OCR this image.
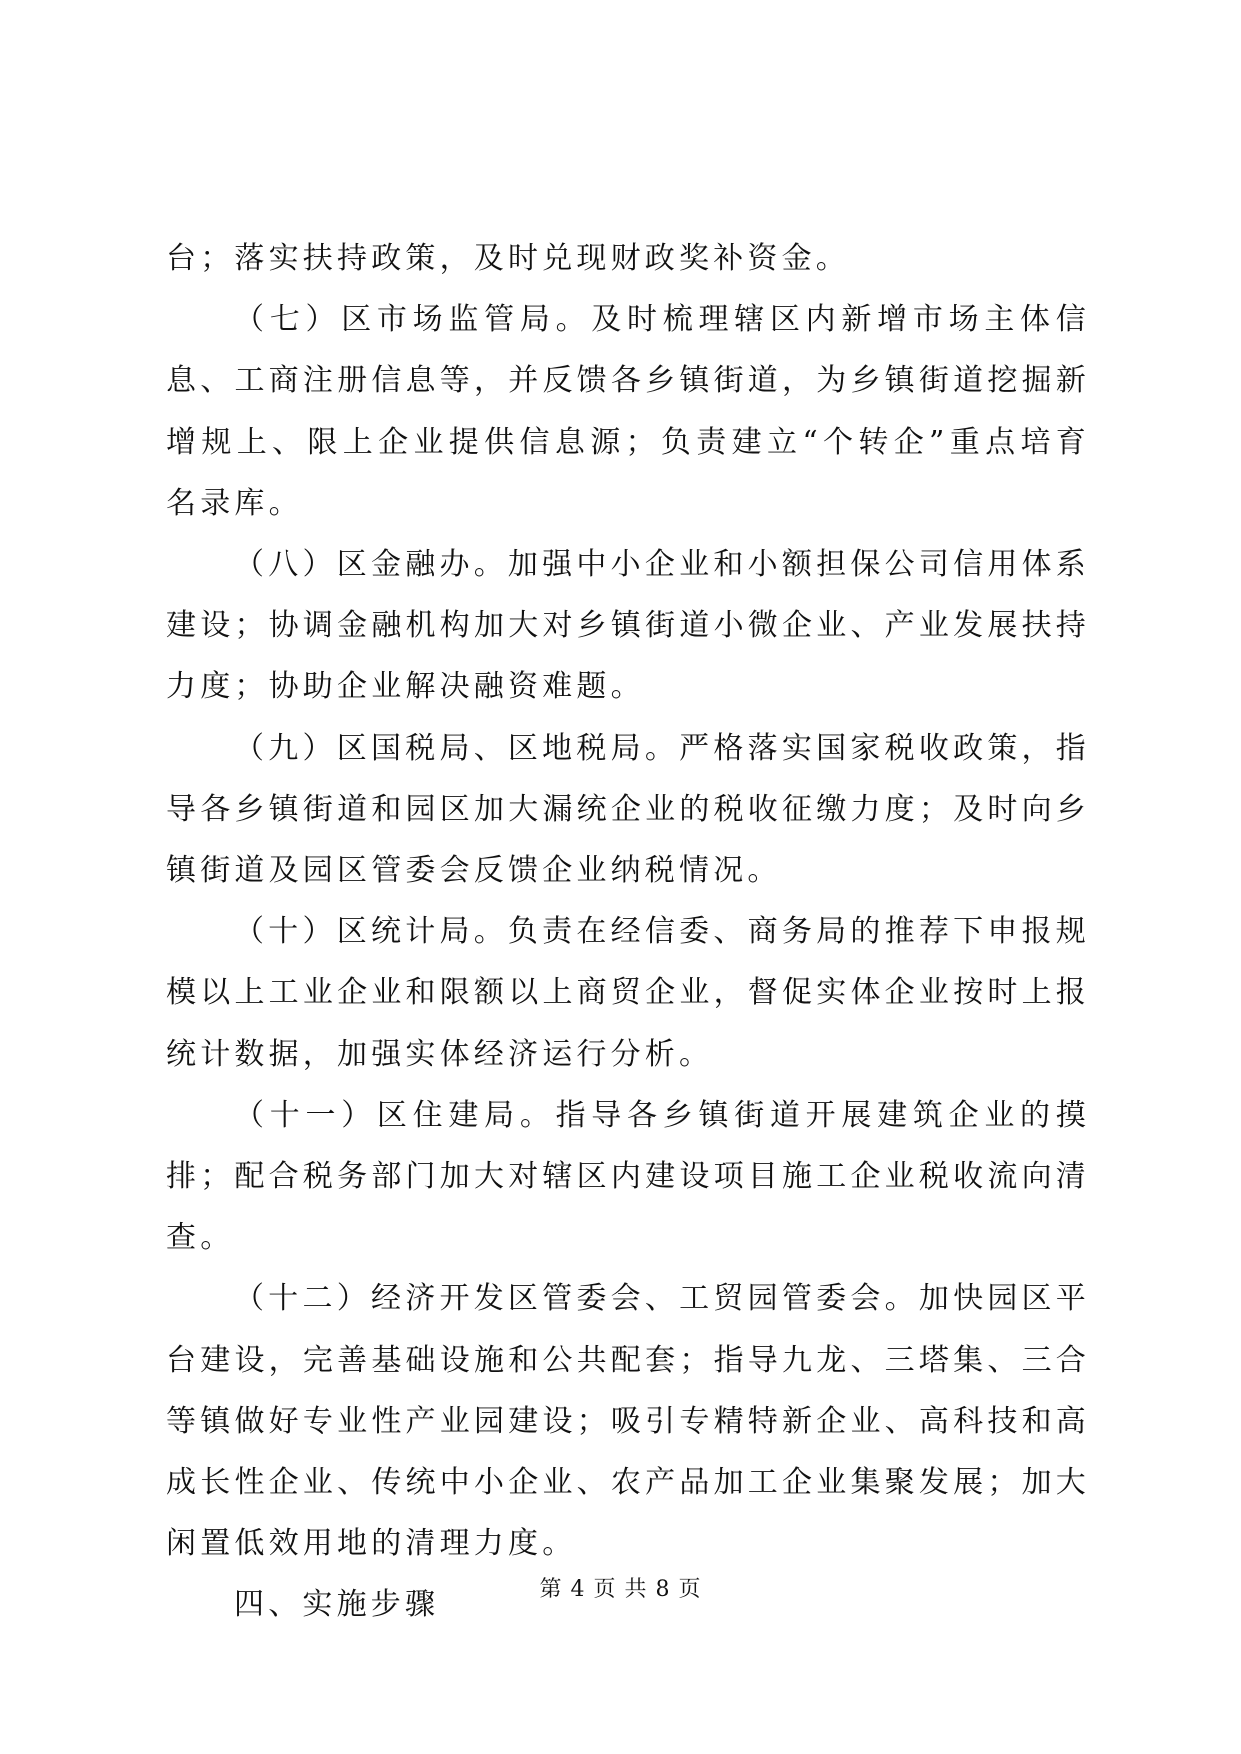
台；落实扶持政策，及时兑现财政奖补资金。

（七）区市场监管局。及时梳理辖区内新增市场主体信息、工商注册信息等，并反馈各乡镇街道，为乡镇街道挖掘新增规上、限上企业提供信息源；负责建立“个转企”重点培育名录库。

（八）区金融办。加强中小企业和小额担保公司信用体系建设；协调金融机构加大对乡镇街道小微企业、产业发展扶持力度；协助企业解决融资难题。

（九）区国税局、区地税局。严格落实国家税收政策，指导各乡镇街道和园区加大漏统企业的税收征缴力度；及时向乡镇街道及园区管委会反馈企业纳税情况。

（十）区统计局。负责在经信委、商务局的推荐下申报规模以上工业企业和限额以上商贸企业，督促实体企业按时上报统计数据，加强实体经济运行分析。

（十一）区住建局。指导各乡镇街道开展建筑企业的摸排；配合税务部门加大对辖区内建设项目施工企业税收流向清查。

（十二）经济开发区管委会、工贸园管委会。加快园区平台建设，完善基础设施和公共配套；指导九龙、三塔集、三合等镇做好专业性产业园建设；吸引专精特新企业、高科技和高成长性企业、传统中小企业、农产品加工企业集聚发展；加大闲置低效用地的清理力度。

四、实施步骤	第 4 页 共 8 页
